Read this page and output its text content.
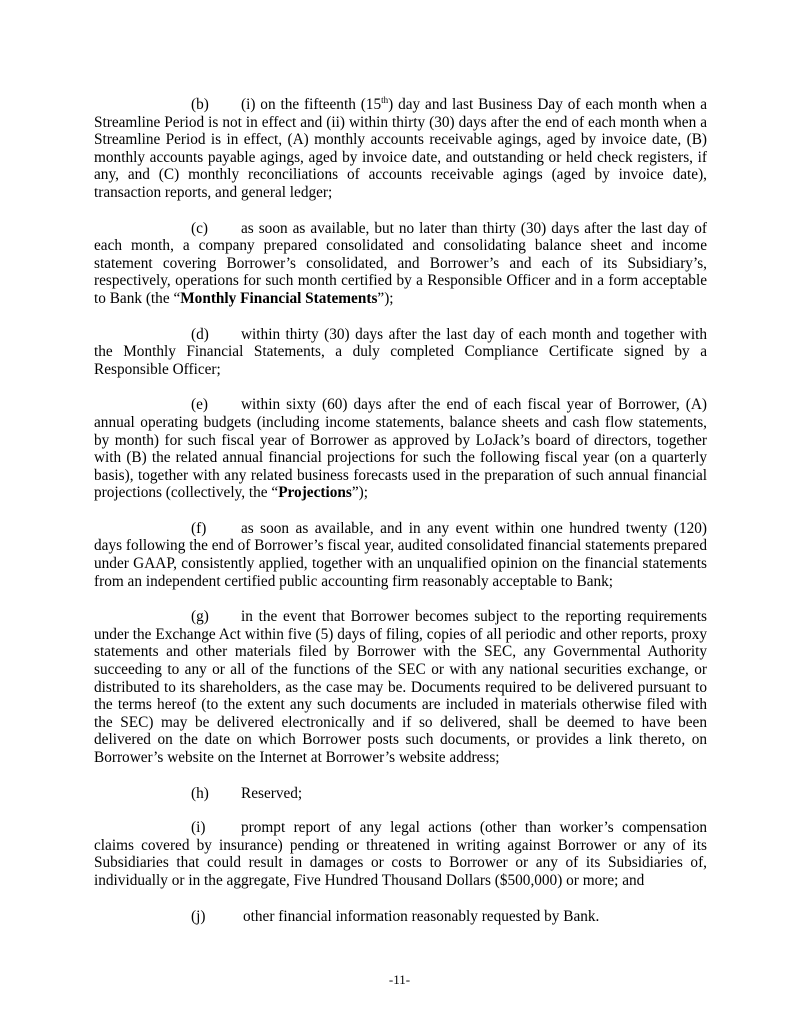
(b) (i) on the fifteenth (15th) day and last Business Day of each month when a Streamline Period is not in effect and (ii) within thirty (30) days after the end of each month when a Streamline Period is in effect, (A) monthly accounts receivable agings, aged by invoice date, (B) monthly accounts payable agings, aged by invoice date, and outstanding or held check registers, if any, and (C) monthly reconciliations of accounts receivable agings (aged by invoice date), transaction reports, and general ledger;

(c) as soon as available, but no later than thirty (30) days after the last day of each month, a company prepared consolidated and consolidating balance sheet and income statement covering Borrower’s consolidated, and Borrower’s and each of its Subsidiary’s, respectively, operations for such month certified by a Responsible Officer and in a form acceptable to Bank (the “Monthly Financial Statements”);

(d) within thirty (30) days after the last day of each month and together with the Monthly Financial Statements, a duly completed Compliance Certificate signed by a Responsible Officer;

(e) within sixty (60) days after the end of each fiscal year of Borrower, (A) annual operating budgets (including income statements, balance sheets and cash flow statements, by month) for such fiscal year of Borrower as approved by LoJack’s board of directors, together with (B) the related annual financial projections for such the following fiscal year (on a quarterly basis), together with any related business forecasts used in the preparation of such annual financial projections (collectively, the “Projections”);

(f) as soon as available, and in any event within one hundred twenty (120) days following the end of Borrower’s fiscal year, audited consolidated financial statements prepared under GAAP, consistently applied, together with an unqualified opinion on the financial statements from an independent certified public accounting firm reasonably acceptable to Bank;

(g) in the event that Borrower becomes subject to the reporting requirements under the Exchange Act within five (5) days of filing, copies of all periodic and other reports, proxy statements and other materials filed by Borrower with the SEC, any Governmental Authority succeeding to any or all of the functions of the SEC or with any national securities exchange, or distributed to its shareholders, as the case may be. Documents required to be delivered pursuant to the terms hereof (to the extent any such documents are included in materials otherwise filed with the SEC) may be delivered electronically and if so delivered, shall be deemed to have been delivered on the date on which Borrower posts such documents, or provides a link thereto, on Borrower’s website on the Internet at Borrower’s website address;

(h) Reserved;

(i) prompt report of any legal actions (other than worker’s compensation claims covered by insurance) pending or threatened in writing against Borrower or any of its Subsidiaries that could result in damages or costs to Borrower or any of its Subsidiaries of, individually or in the aggregate, Five Hundred Thousand Dollars ($500,000) or more; and

(j) other financial information reasonably requested by Bank.

-11-
